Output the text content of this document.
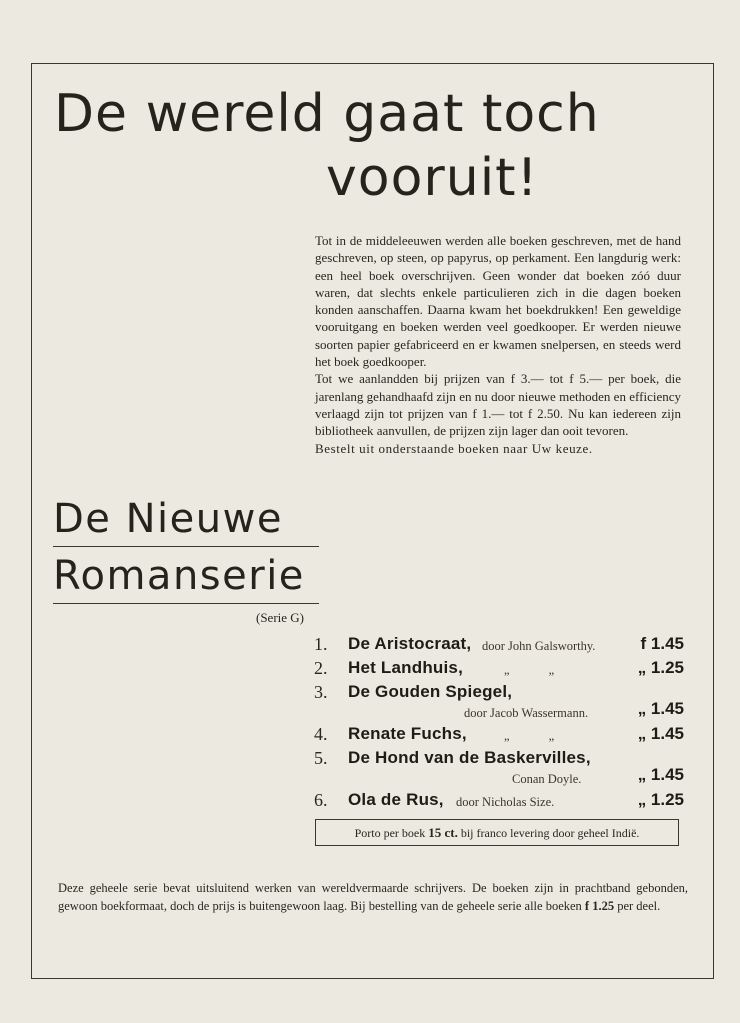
De wereld gaat toch
vooruit!

Tot in de middeleeuwen werden alle boeken geschreven, met de hand geschreven, op steen, op papyrus, op perkament. Een langdurig werk: een heel boek overschrijven. Geen wonder dat boeken zóó duur waren, dat slechts enkele particulieren zich in die dagen boeken konden aanschaffen. Daarna kwam het boekdrukken! Een geweldige vooruitgang en boeken werden veel goedkooper. Er werden nieuwe soorten papier gefabriceerd en er kwamen snelpersen, en steeds werd het boek goedkooper.

Tot we aanlandden bij prijzen van f 3.— tot f 5.— per boek, die jarenlang gehandhaafd zijn en nu door nieuwe methoden en efficiency verlaagd zijn tot prijzen van f 1.— tot f 2.50. Nu kan iedereen zijn bibliotheek aanvullen, de prijzen zijn lager dan ooit tevoren.

Bestelt uit onderstaande boeken naar Uw keuze.

De Nieuwe
Romanserie
(Serie G)
1. De Aristocraat, door John Galsworthy.	f 1.45
2. Het Landhuis,	„ „	„ 1.25
3. De Gouden Spiegel,
door Jacob Wassermann.	„ 1.45
4. Renate Fuchs,	„ „	„ 1.45
5. De Hond van de Baskervilles,
Conan Doyle.	„ 1.45
6. Ola de Rus, door Nicholas Size.	„ 1.25
Porto per boek 15 ct. bij franco levering door geheel Indië.
Deze geheele serie bevat uitsluitend werken van wereldvermaarde schrijvers. De boeken zijn in prachtband gebonden, gewoon boekformaat, doch de prijs is buitengewoon laag. Bij bestelling van de geheele serie alle boeken f 1.25 per deel.
